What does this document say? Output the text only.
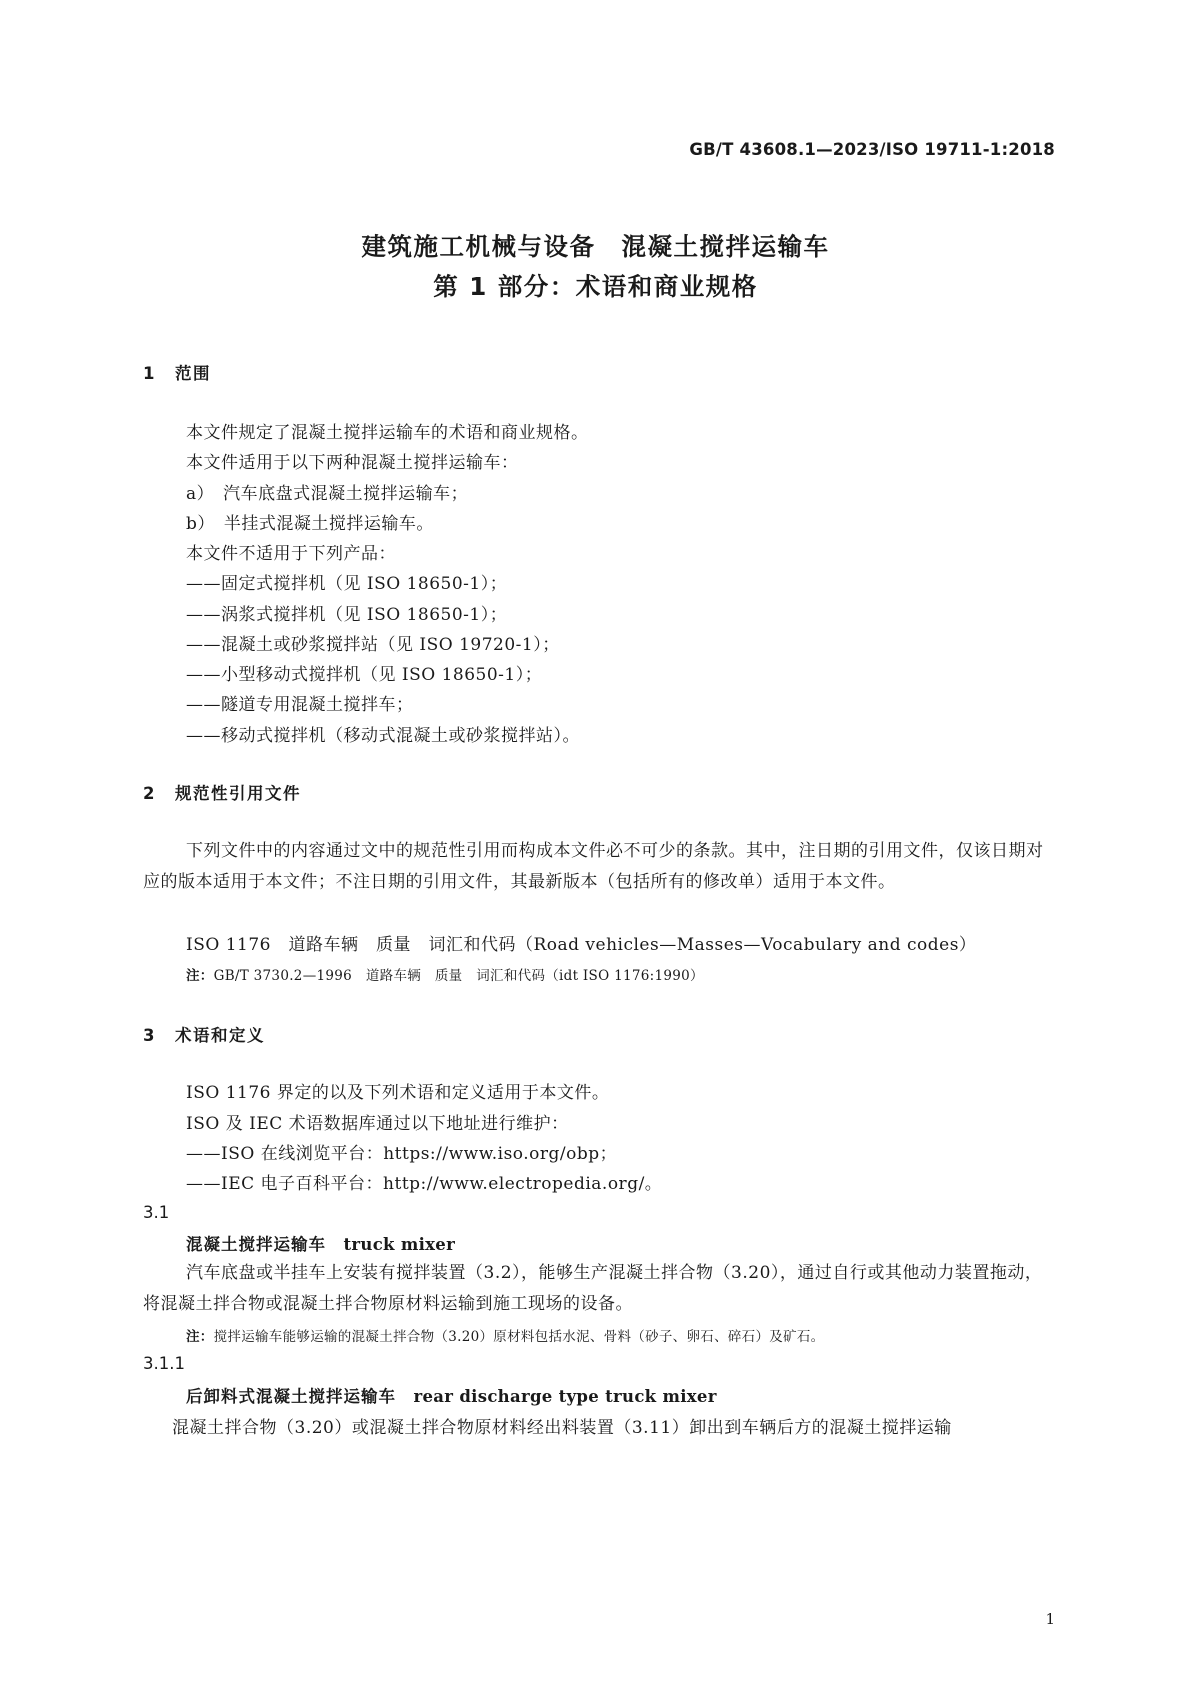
GB/T 43608.1—2023/ISO 19711-1:2018
建筑施工机械与设备　混凝土搅拌运输车
第 1 部分：术语和商业规格
1 范围
本文件规定了混凝土搅拌运输车的术语和商业规格。
本文件适用于以下两种混凝土搅拌运输车：
a）　汽车底盘式混凝土搅拌运输车；
b）　半挂式混凝土搅拌运输车。
本文件不适用于下列产品：
——固定式搅拌机（见 ISO 18650-1）；
——涡浆式搅拌机（见 ISO 18650-1）；
——混凝土或砂浆搅拌站（见 ISO 19720-1）；
——小型移动式搅拌机（见 ISO 18650-1）；
——隧道专用混凝土搅拌车；
——移动式搅拌机（移动式混凝土或砂浆搅拌站）。
2 规范性引用文件
下列文件中的内容通过文中的规范性引用而构成本文件必不可少的条款。其中，注日期的引用文件，仅该日期对应的版本适用于本文件；不注日期的引用文件，其最新版本（包括所有的修改单）适用于本文件。
ISO 1176　道路车辆　质量　词汇和代码（Road vehicles—Masses—Vocabulary and codes）
注：GB/T 3730.2—1996　道路车辆　质量　词汇和代码（idt ISO 1176:1990）
3 术语和定义
ISO 1176 界定的以及下列术语和定义适用于本文件。
ISO 及 IEC 术语数据库通过以下地址进行维护：
——ISO 在线浏览平台：https://www.iso.org/obp；
——IEC 电子百科平台：http://www.electropedia.org/。
3.1
混凝土搅拌运输车　 truck mixer
汽车底盘或半挂车上安装有搅拌装置（3.2），能够生产混凝土拌合物（3.20），通过自行或其他动力装置拖动，将混凝土拌合物或混凝土拌合物原材料运输到施工现场的设备。
注：搅拌运输车能够运输的混凝土拌合物（3.20）原材料包括水泥、骨料（砂子、卵石、碎石）及矿石。
3.1.1
后卸料式混凝土搅拌运输车　 rear discharge type truck mixer
混凝土拌合物（3.20）或混凝土拌合物原材料经出料装置（3.11）卸出到车辆后方的混凝土搅拌运输
1
